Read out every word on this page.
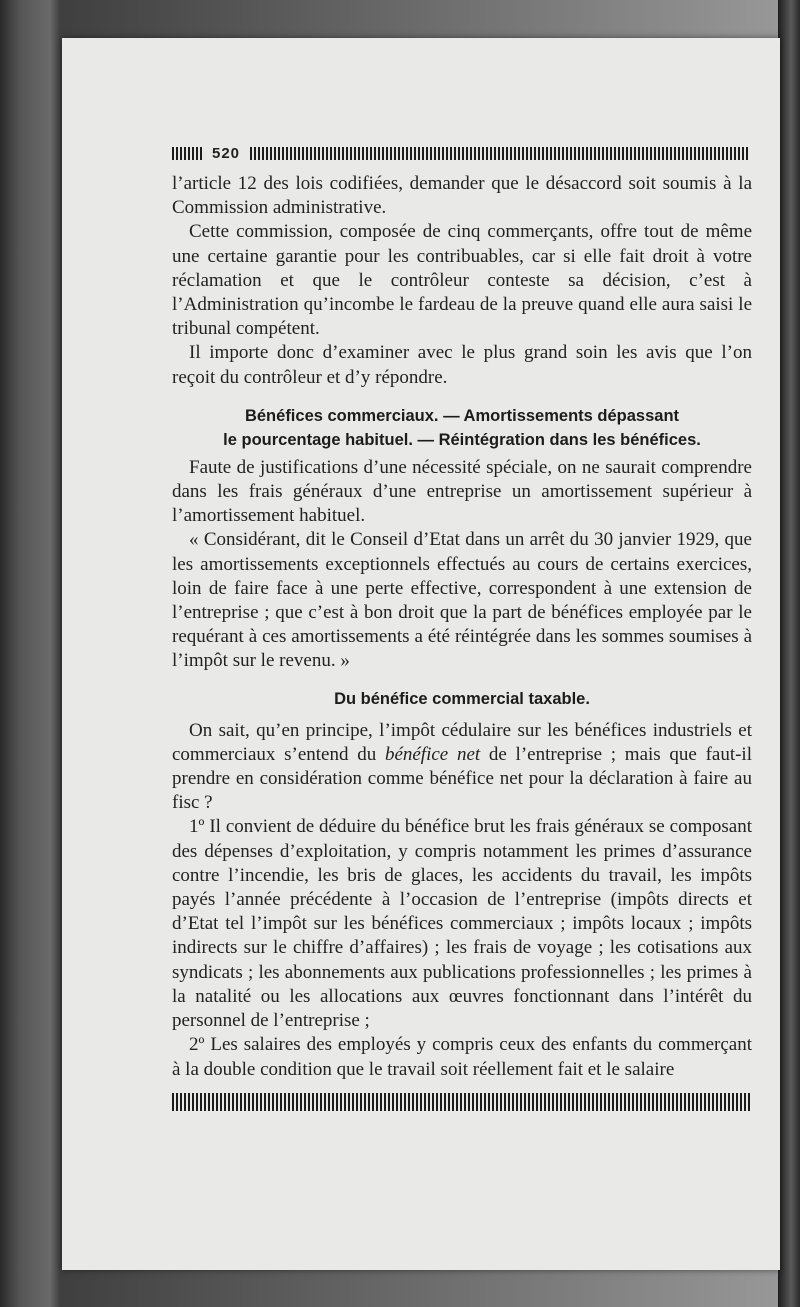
520

l’article 12 des lois codifiées, demander que le désaccord soit soumis à la Commission administrative.

Cette commission, composée de cinq commerçants, offre tout de même une certaine garantie pour les contribuables, car si elle fait droit à votre réclamation et que le contrôleur conteste sa décision, c’est à l’Administration qu’incombe le fardeau de la preuve quand elle aura saisi le tribunal compétent.

Il importe donc d’examiner avec le plus grand soin les avis que l’on reçoit du contrôleur et d’y répondre.

Bénéfices commerciaux. — Amortissements dépassant
le pourcentage habituel. — Réintégration dans les bénéfices.

Faute de justifications d’une nécessité spéciale, on ne saurait comprendre dans les frais généraux d’une entreprise un amortissement supérieur à l’amortissement habituel.

« Considérant, dit le Conseil d’Etat dans un arrêt du 30 janvier 1929, que les amortissements exceptionnels effectués au cours de certains exercices, loin de faire face à une perte effective, correspondent à une extension de l’entreprise ; que c’est à bon droit que la part de bénéfices employée par le requérant à ces amortissements a été réintégrée dans les sommes soumises à l’impôt sur le revenu. »

Du bénéfice commercial taxable.

On sait, qu’en principe, l’impôt cédulaire sur les bénéfices industriels et commerciaux s’entend du bénéfice net de l’entreprise ; mais que faut-il prendre en considération comme bénéfice net pour la déclaration à faire au fisc ?

1º Il convient de déduire du bénéfice brut les frais généraux se composant des dépenses d’exploitation, y compris notamment les primes d’assurance contre l’incendie, les bris de glaces, les accidents du travail, les impôts payés l’année précédente à l’occasion de l’entreprise (impôts directs et d’Etat tel l’impôt sur les bénéfices commerciaux ; impôts locaux ; impôts indirects sur le chiffre d’affaires) ; les frais de voyage ; les cotisations aux syndicats ; les abonnements aux publications professionnelles ; les primes à la natalité ou les allocations aux œuvres fonctionnant dans l’intérêt du personnel de l’entreprise ;

2º Les salaires des employés y compris ceux des enfants du commerçant à la double condition que le travail soit réellement fait et le salaire
